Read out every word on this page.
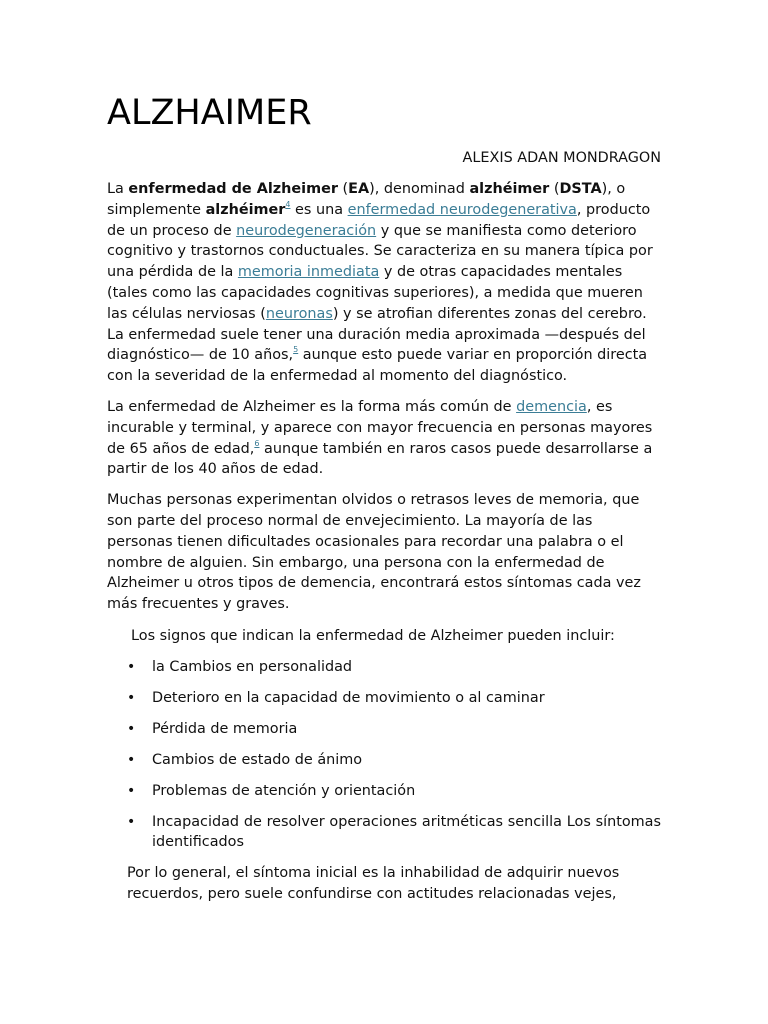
ALZHAIMER
ALEXIS ADAN MONDRAGON

La enfermedad de Alzheimer (EA), denominad alzhéimer (DSTA), o simplemente alzhéimer$^4$ es una enfermedad neurodegenerativa, producto de un proceso de neurodegeneración y que se manifiesta como deterioro cognitivo y trastornos conductuales. Se caracteriza en su manera típica por una pérdida de la memoria inmediata y de otras capacidades mentales (tales como las capacidades cognitivas superiores), a medida que mueren las células nerviosas (neuronas) y se atrofian diferentes zonas del cerebro. La enfermedad suele tener una duración media aproximada —después del diagnóstico— de 10 años,$^5$ aunque esto puede variar en proporción directa con la severidad de la enfermedad al momento del diagnóstico.

La enfermedad de Alzheimer es la forma más común de demencia, es incurable y terminal, y aparece con mayor frecuencia en personas mayores de 65 años de edad,$^6$ aunque también en raros casos puede desarrollarse a partir de los 40 años de edad.

Muchas personas experimentan olvidos o retrasos leves de memoria, que son parte del proceso normal de envejecimiento. La mayoría de las personas tienen dificultades ocasionales para recordar una palabra o el nombre de alguien. Sin embargo, una persona con la enfermedad de Alzheimer u otros tipos de demencia, encontrará estos síntomas cada vez más frecuentes y graves.

Los signos que indican la enfermedad de Alzheimer pueden incluir:

• la Cambios en personalidad
• Deterioro en la capacidad de movimiento o al caminar
• Pérdida de memoria
• Cambios de estado de ánimo
• Problemas de atención y orientación
• Incapacidad de resolver operaciones aritméticas sencilla Los síntomas identificados

Por lo general, el síntoma inicial es la inhabilidad de adquirir nuevos recuerdos, pero suele confundirse con actitudes relacionadas vejes,
